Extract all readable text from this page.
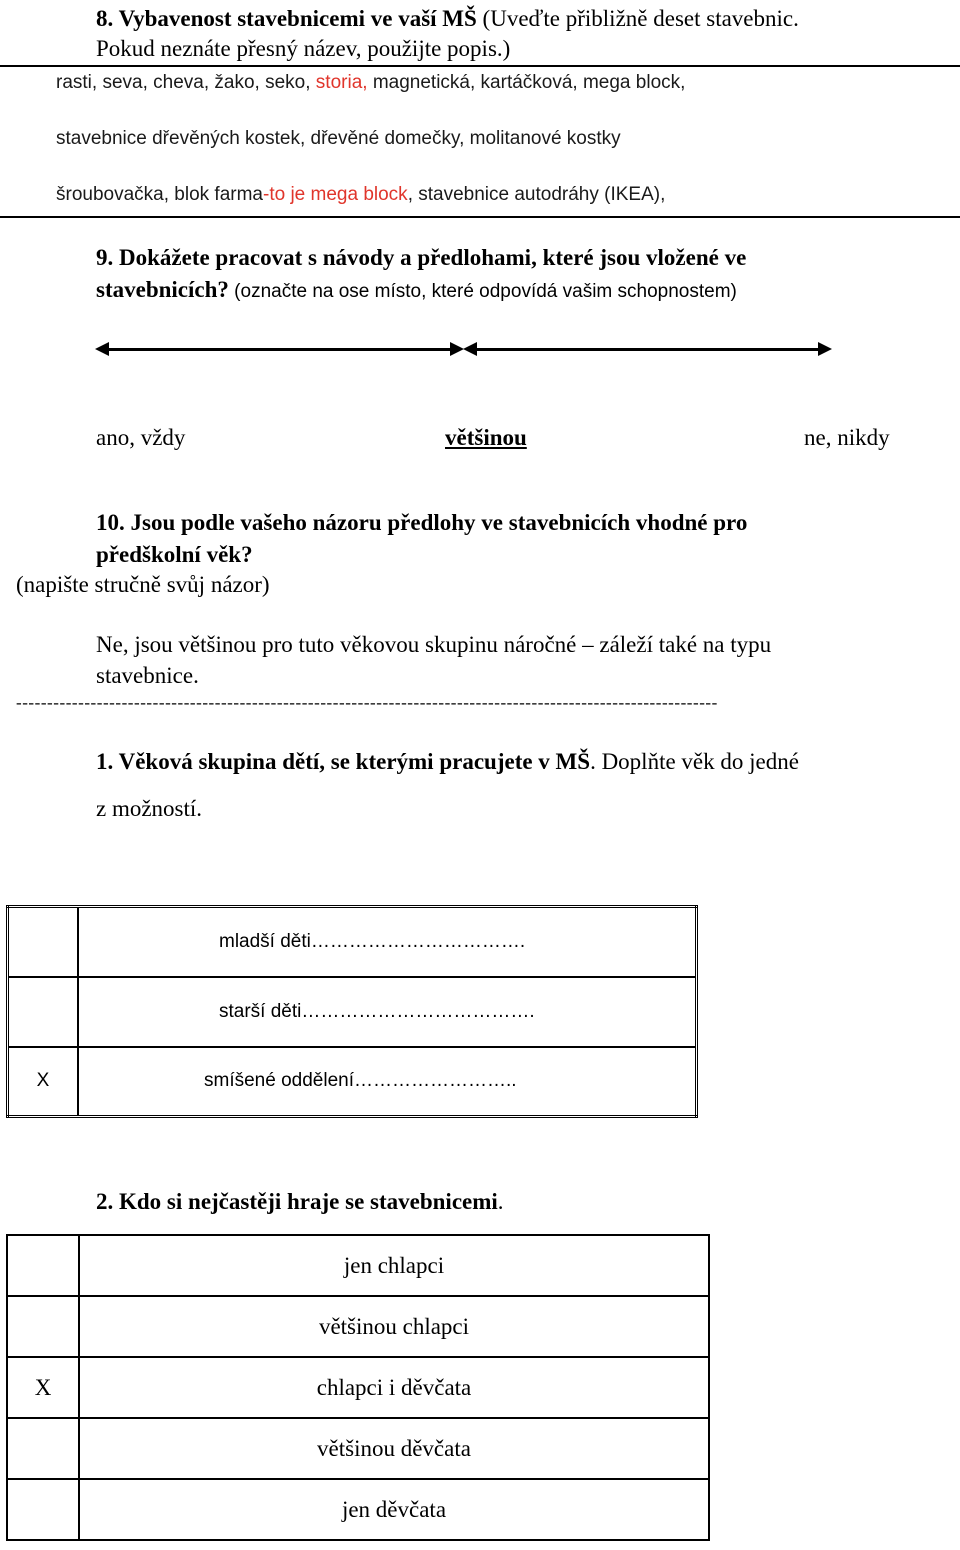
8. Vybavenost stavebnicemi ve vaší MŠ (Uveďte přibližně deset stavebnic.
Pokud neznáte přesný název, použijte popis.)
rasti, seva, cheva, žako, seko, storia, magnetická, kartáčková, mega block,
stavebnice dřevěných kostek, dřevěné domečky, molitanové kostky
šroubovačka, blok farma-to je mega block, stavebnice autodráhy (IKEA),
9. Dokážete pracovat s návody a předlohami, které jsou vložené ve
stavebnicích? (označte na ose místo, které odpovídá vašim schopnostem)
ano, vždy	většinou	ne, nikdy
10. Jsou podle vašeho názoru předlohy ve stavebnicích vhodné pro
předškolní věk?
(napište stručně svůj názor)
Ne, jsou většinou pro tuto věkovou skupinu náročné – záleží také na typu
stavebnice.
-----------------------------------------------------------------------------------------------------------------
1. Věková skupina dětí, se kterými pracujete v MŠ. Doplňte věk do jedné
z možností.
	mladší děti…………………………….
	starší děti……………………………….
X	smíšené oddělení……………………..
2. Kdo si nejčastěji hraje se stavebnicemi.
	jen chlapci
	většinou chlapci
X	chlapci i děvčata
	většinou děvčata
	jen děvčata
